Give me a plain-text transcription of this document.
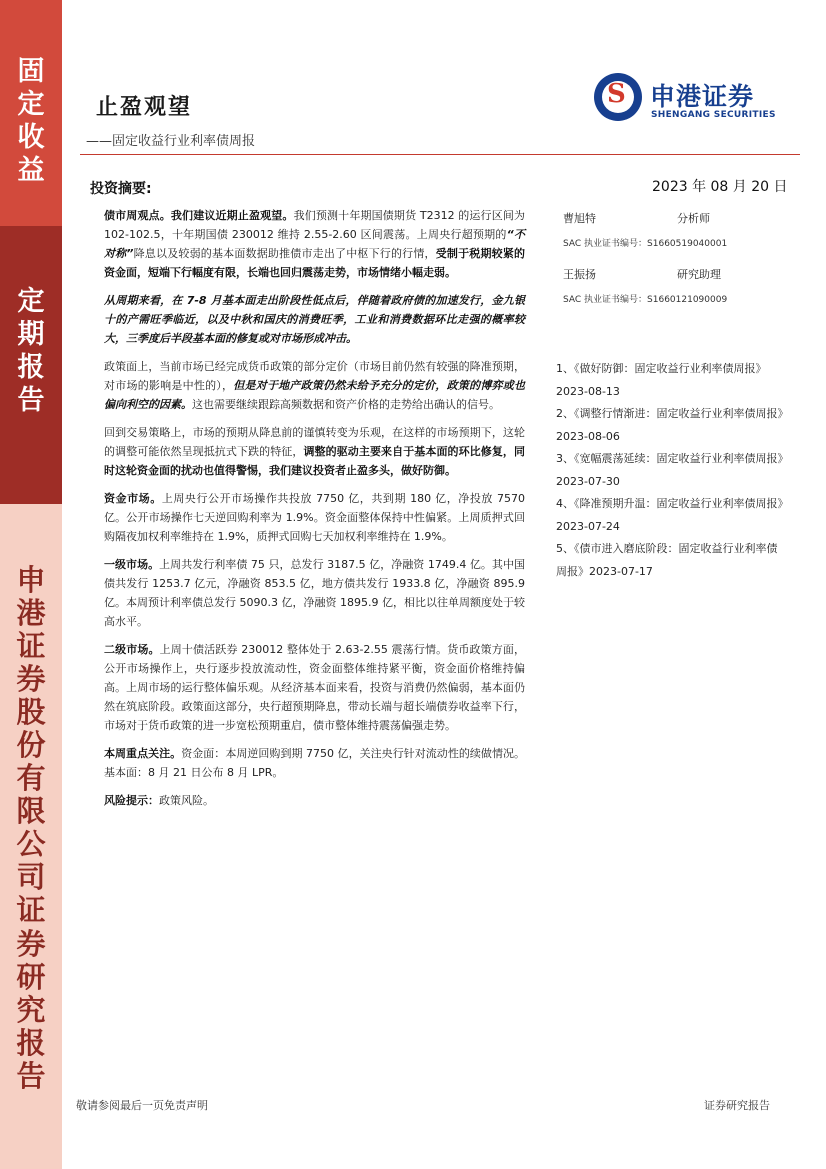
固
定
收
益
定
期
报
告
申
港
证
券
股
份
有
限
公
司
证
券
研
究
报
告
止盈观望
——固定收益行业利率债周报
S 申港证券
SHENGANG SECURITIES
投资摘要:	2023 年 08 月 20 日

债市周观点。我们建议近期止盈观望。我们预测十年期国债期货 T2312 的运行区间为 102-102.5，十年期国债 230012 维持 2.55-2.60 区间震荡。上周央行超预期的“不对称”降息以及较弱的基本面数据助推债市走出了中枢下行的行情，受制于税期较紧的资金面，短端下行幅度有限，长端也回归震荡走势，市场情绪小幅走弱。

从周期来看，在 7-8 月基本面走出阶段性低点后，伴随着政府债的加速发行，金九银十的产需旺季临近，以及中秋和国庆的消费旺季，工业和消费数据环比走强的概率较大，三季度后半段基本面的修复或对市场形成冲击。

政策面上，当前市场已经完成货币政策的部分定价（市场目前仍然有较强的降准预期，对市场的影响是中性的），但是对于地产政策仍然未给予充分的定价，政策的博弈或也偏向利空的因素。这也需要继续跟踪高频数据和资产价格的走势给出确认的信号。

回到交易策略上，市场的预期从降息前的谨慎转变为乐观，在这样的市场预期下，这轮的调整可能依然呈现抵抗式下跌的特征，调整的驱动主要来自于基本面的环比修复，同时这轮资金面的扰动也值得警惕，我们建议投资者止盈多头，做好防御。

资金市场。上周央行公开市场操作共投放 7750 亿，共到期 180 亿，净投放 7570 亿。公开市场操作七天逆回购利率为 1.9%。资金面整体保持中性偏紧。上周质押式回购隔夜加权利率维持在 1.9%，质押式回购七天加权利率维持在 1.9%。

一级市场。上周共发行利率债 75 只，总发行 3187.5 亿，净融资 1749.4 亿。其中国债共发行 1253.7 亿元，净融资 853.5 亿，地方债共发行 1933.8 亿，净融资 895.9 亿。本周预计利率债总发行 5090.3 亿，净融资 1895.9 亿，相比以往单周额度处于较高水平。

二级市场。上周十债活跃券 230012 整体处于 2.63-2.55 震荡行情。货币政策方面，公开市场操作上，央行逐步投放流动性，资金面整体维持紧平衡，资金面价格维持偏高。上周市场的运行整体偏乐观。从经济基本面来看，投资与消费仍然偏弱，基本面仍然在筑底阶段。政策面这部分，央行超预期降息，带动长端与超长端债券收益率下行，市场对于货币政策的进一步宽松预期重启，债市整体维持震荡偏强走势。

本周重点关注。资金面：本周逆回购到期 7750 亿，关注央行针对流动性的续做情况。基本面：8 月 21 日公布 8 月 LPR。

风险提示：政策风险。

曹旭特	分析师
SAC 执业证书编号：S1660519040001
王振扬	研究助理
SAC 执业证书编号：S1660121090009
1、《做好防御：固定收益行业利率债周报》2023-08-13
2、《调整行情渐进：固定收益行业利率债周报》2023-08-06
3、《宽幅震荡延续：固定收益行业利率债周报》2023-07-30
4、《降准预期升温：固定收益行业利率债周报》2023-07-24
5、《债市进入磨底阶段：固定收益行业利率债周报》2023-07-17
敬请参阅最后一页免责声明	证券研究报告
